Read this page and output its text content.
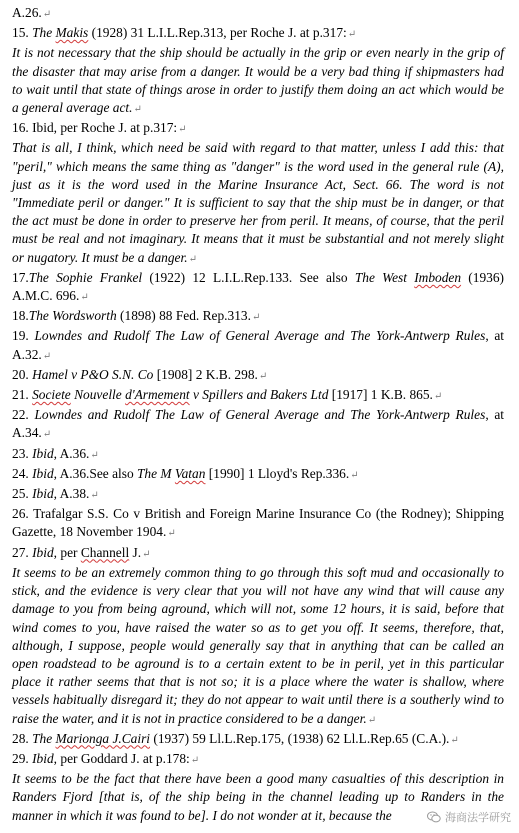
A.26.↵

15. The Makis (1928) 31 L.I.L.Rep.313, per Roche J. at p.317:↵

It is not necessary that the ship should be actually in the grip or even nearly in the grip of the disaster that may arise from a danger. It would be a very bad thing if shipmasters had to wait until that state of things arose in order to justify them doing an act which would be a general average act.↵

16. Ibid, per Roche J. at p.317:↵

That is all, I think, which need be said with regard to that matter, unless I add this: that "peril," which means the same thing as "danger" is the word used in the general rule (A), just as it is the word used in the Marine Insurance Act, Sect. 66. The word is not "Immediate peril or danger." It is sufficient to say that the ship must be in danger, or that the act must be done in order to preserve her from peril. It means, of course, that the peril must be real and not imaginary. It means that it must be substantial and not merely slight or nugatory. It must be a danger.↵

17.The Sophie Frankel (1922) 12 L.I.L.Rep.133. See also The West Imboden (1936) A.M.C. 696.↵

18.The Wordsworth (1898) 88 Fed. Rep.313.↵

19. Lowndes and Rudolf The Law of General Average and The York-Antwerp Rules, at A.32.↵

20. Hamel v P&O S.N. Co [1908] 2 K.B. 298.↵

21. Societe Nouvelle d'Armement v Spillers and Bakers Ltd [1917] 1 K.B. 865.↵

22. Lowndes and Rudolf The Law of General Average and The York-Antwerp Rules, at A.34.↵

23. Ibid, A.36.↵

24. Ibid, A.36.See also The M Vatan [1990] 1 Lloyd's Rep.336.↵

25. Ibid, A.38.↵

26. Trafalgar S.S. Co v British and Foreign Marine Insurance Co (the Rodney); Shipping Gazette, 18 November 1904.↵

27. Ibid, per Channell J.↵

It seems to be an extremely common thing to go through this soft mud and occasionally to stick, and the evidence is very clear that you will not have any wind that will cause any damage to you from being aground, which will not, some 12 hours, it is said, before that wind comes to you, have raised the water so as to get you off. It seems, therefore, that, although, I suppose, people would generally say that in anything that can be called an open roadstead to be aground is to a certain extent to be in peril, yet in this particular place it rather seems that that is not so; it is a place where the water is shallow, where vessels habitually disregard it; they do not appear to wait until there is a southerly wind to raise the water, and it is not in practice considered to be a danger.↵

28. The Marionga J.Cairi (1937) 59 Ll.L.Rep.175, (1938) 62 Ll.L.Rep.65 (C.A.).↵

29. Ibid, per Goddard J. at p.178:↵

It seems to be the fact that there have been a good many casualties of this description in Randers Fjord [that is, of the ship being in the channel leading up to Randers in the manner in which it was found to be]. I do not wonder at it, because the	海商法学研究
